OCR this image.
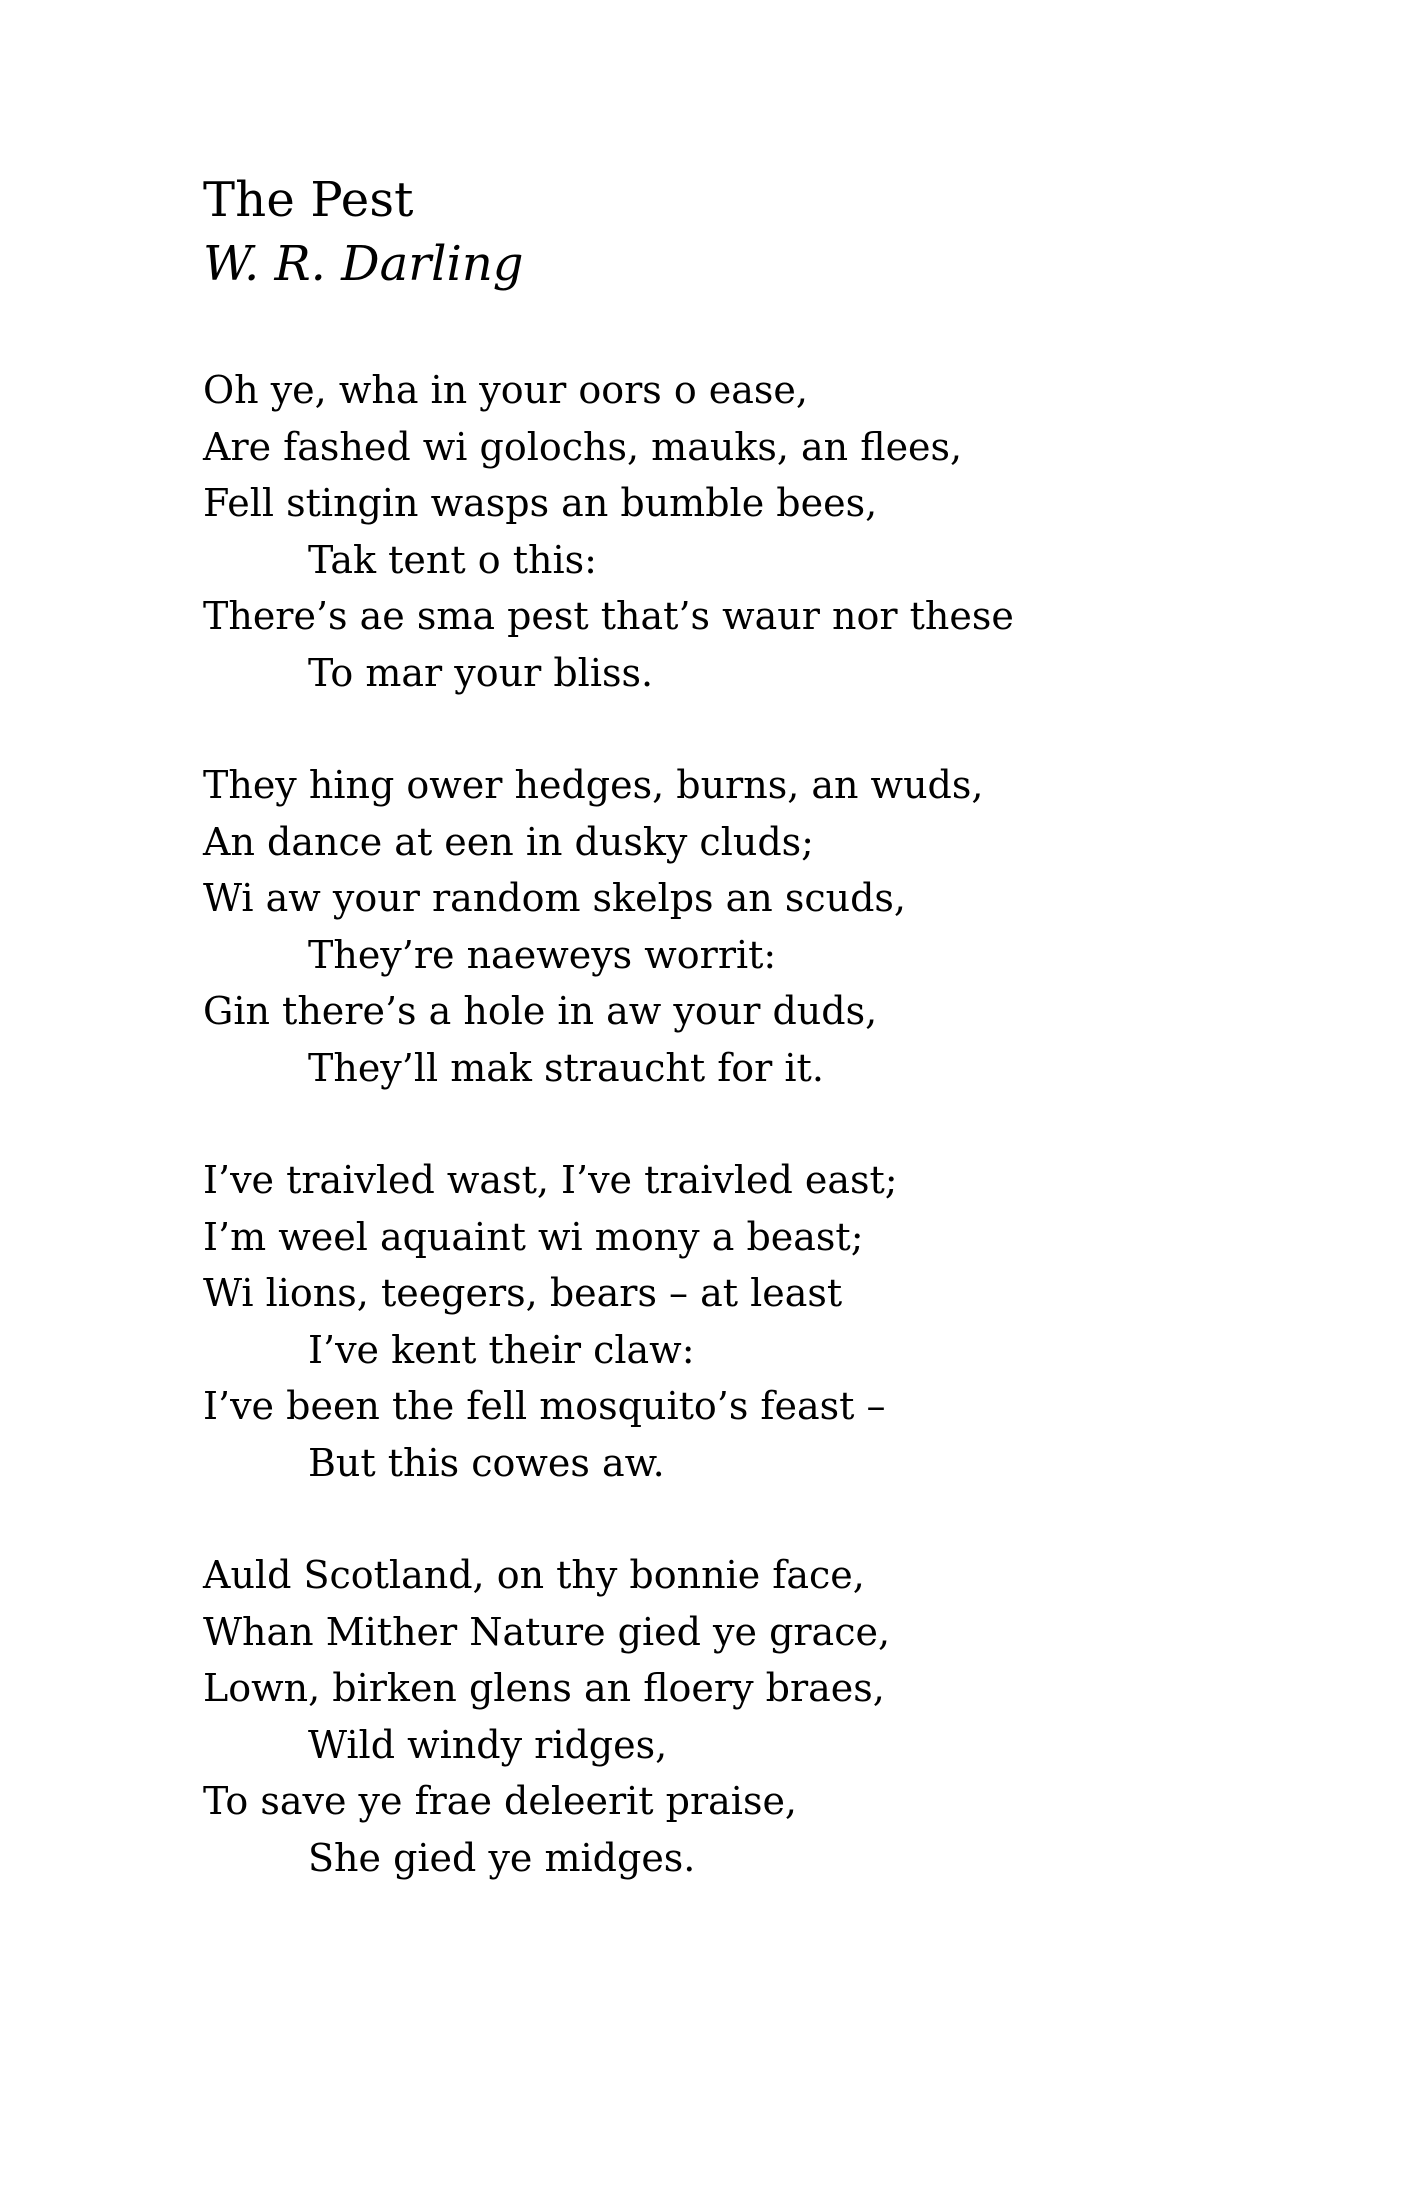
The Pest
W. R. Darling
Oh ye, wha in your oors o ease,
Are fashed wi golochs, mauks, an flees,
Fell stingin wasps an bumble bees,
Tak tent o this:
There’s ae sma pest that’s waur nor these
To mar your bliss.
They hing ower hedges, burns, an wuds,
An dance at een in dusky cluds;
Wi aw your random skelps an scuds,
They’re naeweys worrit:
Gin there’s a hole in aw your duds,
They’ll mak straucht for it.
I’ve traivled wast, I’ve traivled east;
I’m weel aquaint wi mony a beast;
Wi lions, teegers, bears – at least
I’ve kent their claw:
I’ve been the fell mosquito’s feast –
But this cowes aw.
Auld Scotland, on thy bonnie face,
Whan Mither Nature gied ye grace,
Lown, birken glens an floery braes,
Wild windy ridges,
To save ye frae deleerit praise,
She gied ye midges.
